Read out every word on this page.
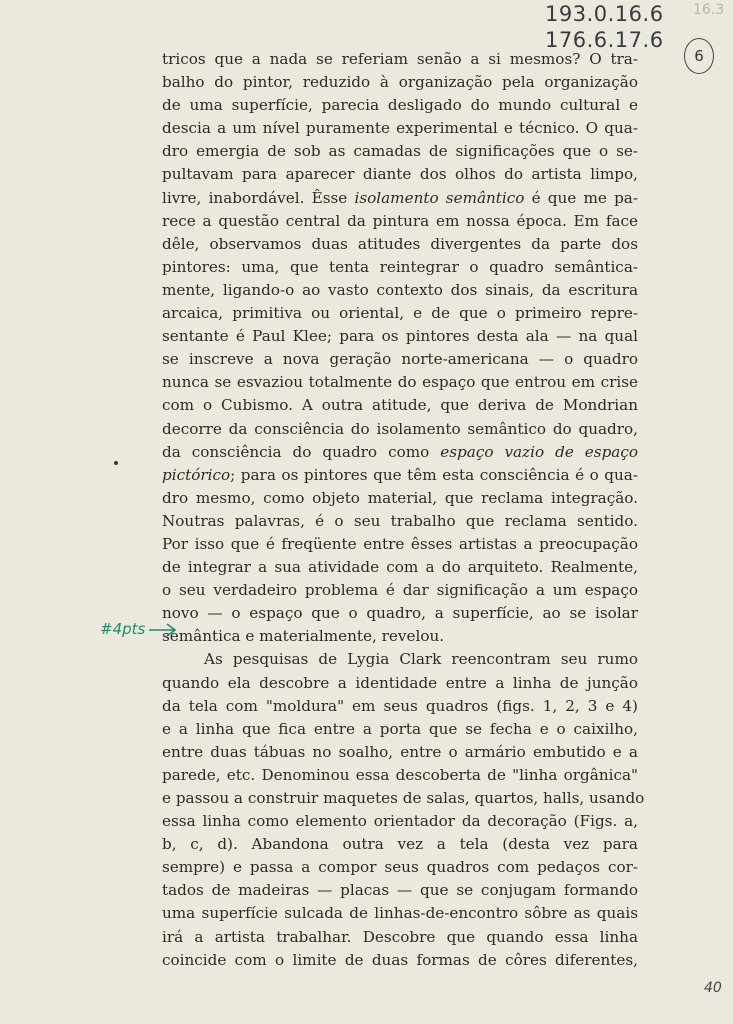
193.0.16.6
176.6.17.6
16.3
6
#4pts
tricos que a nada se referiam senão a si mesmos? O tra-
balho do pintor, reduzido à organização pela organização
de uma superfície, parecia desligado do mundo cultural e
descia a um nível puramente experimental e técnico. O qua-
dro emergia de sob as camadas de significações que o se-
pultavam para aparecer diante dos olhos do artista limpo,
livre, inabordável. Êsse isolamento semântico é que me pa-
rece a questão central da pintura em nossa época. Em face
dêle, observamos duas atitudes divergentes da parte dos
pintores: uma, que tenta reintegrar o quadro semântica-
mente, ligando-o ao vasto contexto dos sinais, da escritura
arcaica, primitiva ou oriental, e de que o primeiro repre-
sentante é Paul Klee; para os pintores desta ala — na qual
se inscreve a nova geração norte-americana — o quadro
nunca se esvaziou totalmente do espaço que entrou em crise
com o Cubismo. A outra atitude, que deriva de Mondrian
decorre da consciência do isolamento semântico do quadro,
da consciência do quadro como espaço vazio de espaço
pictórico; para os pintores que têm esta consciência é o qua-
dro mesmo, como objeto material, que reclama integração.
Noutras palavras, é o seu trabalho que reclama sentido.
Por isso que é freqüente entre êsses artistas a preocupação
de integrar a sua atividade com a do arquiteto. Realmente,
o seu verdadeiro problema é dar significação a um espaço
novo — o espaço que o quadro, a superfície, ao se isolar
semântica e materialmente, revelou.
As pesquisas de Lygia Clark reencontram seu rumo
quando ela descobre a identidade entre a linha de junção
da tela com "moldura" em seus quadros (figs. 1, 2, 3 e 4)
e a linha que fica entre a porta que se fecha e o caixilho,
entre duas tábuas no soalho, entre o armário embutido e a
parede, etc. Denominou essa descoberta de "linha orgânica"
e passou a construir maquetes de salas, quartos, halls, usando
essa linha como elemento orientador da decoração (Figs. a,
b, c, d). Abandona outra vez a tela (desta vez para
sempre) e passa a compor seus quadros com pedaços cor-
tados de madeiras — placas — que se conjugam formando
uma superfície sulcada de linhas-de-encontro sôbre as quais
irá a artista trabalhar. Descobre que quando essa linha
coincide com o limite de duas formas de côres diferentes,
40
